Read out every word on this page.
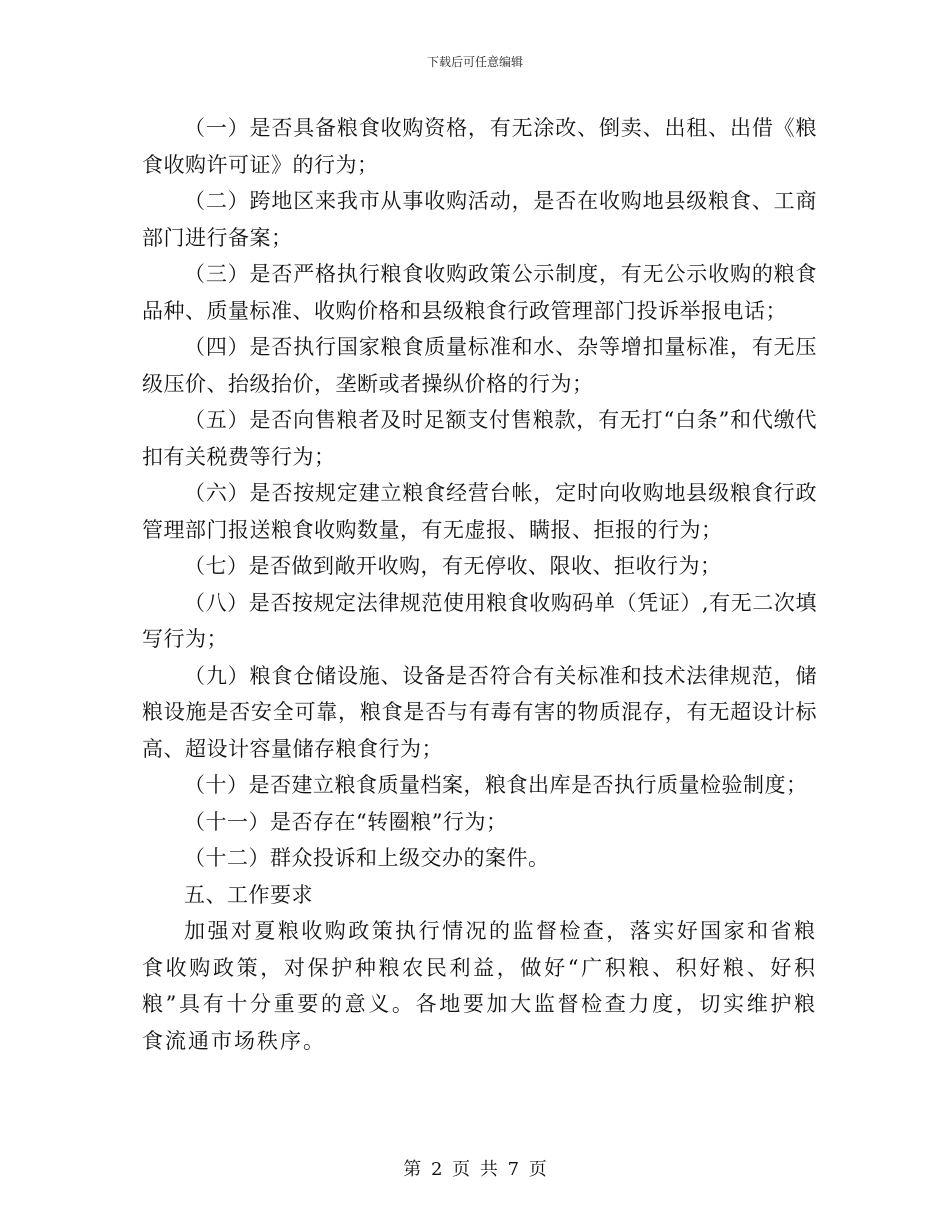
下载后可任意编辑

（一）是否具备粮食收购资格，有无涂改、倒卖、出租、出借《粮食收购许可证》的行为；

（二）跨地区来我市从事收购活动，是否在收购地县级粮食、工商部门进行备案；

（三）是否严格执行粮食收购政策公示制度，有无公示收购的粮食品种、质量标准、收购价格和县级粮食行政管理部门投诉举报电话；

（四）是否执行国家粮食质量标准和水、杂等增扣量标准，有无压级压价、抬级抬价，垄断或者操纵价格的行为；

（五）是否向售粮者及时足额支付售粮款，有无打“白条”和代缴代扣有关税费等行为；

（六）是否按规定建立粮食经营台帐，定时向收购地县级粮食行政管理部门报送粮食收购数量，有无虚报、瞒报、拒报的行为；

（七）是否做到敞开收购，有无停收、限收、拒收行为；

（八）是否按规定法律规范使用粮食收购码单（凭证）,有无二次填写行为；

（九）粮食仓储设施、设备是否符合有关标准和技术法律规范，储粮设施是否安全可靠，粮食是否与有毒有害的物质混存，有无超设计标高、超设计容量储存粮食行为；

（十）是否建立粮食质量档案，粮食出库是否执行质量检验制度；

（十一）是否存在“转圈粮”行为；

（十二）群众投诉和上级交办的案件。

五、工作要求

加强对夏粮收购政策执行情况的监督检查，落实好国家和省粮食收购政策，对保护种粮农民利益，做好“广积粮、积好粮、好积粮”具有十分重要的意义。各地要加大监督检查力度，切实维护粮食流通市场秩序。

第 2 页 共 7 页
